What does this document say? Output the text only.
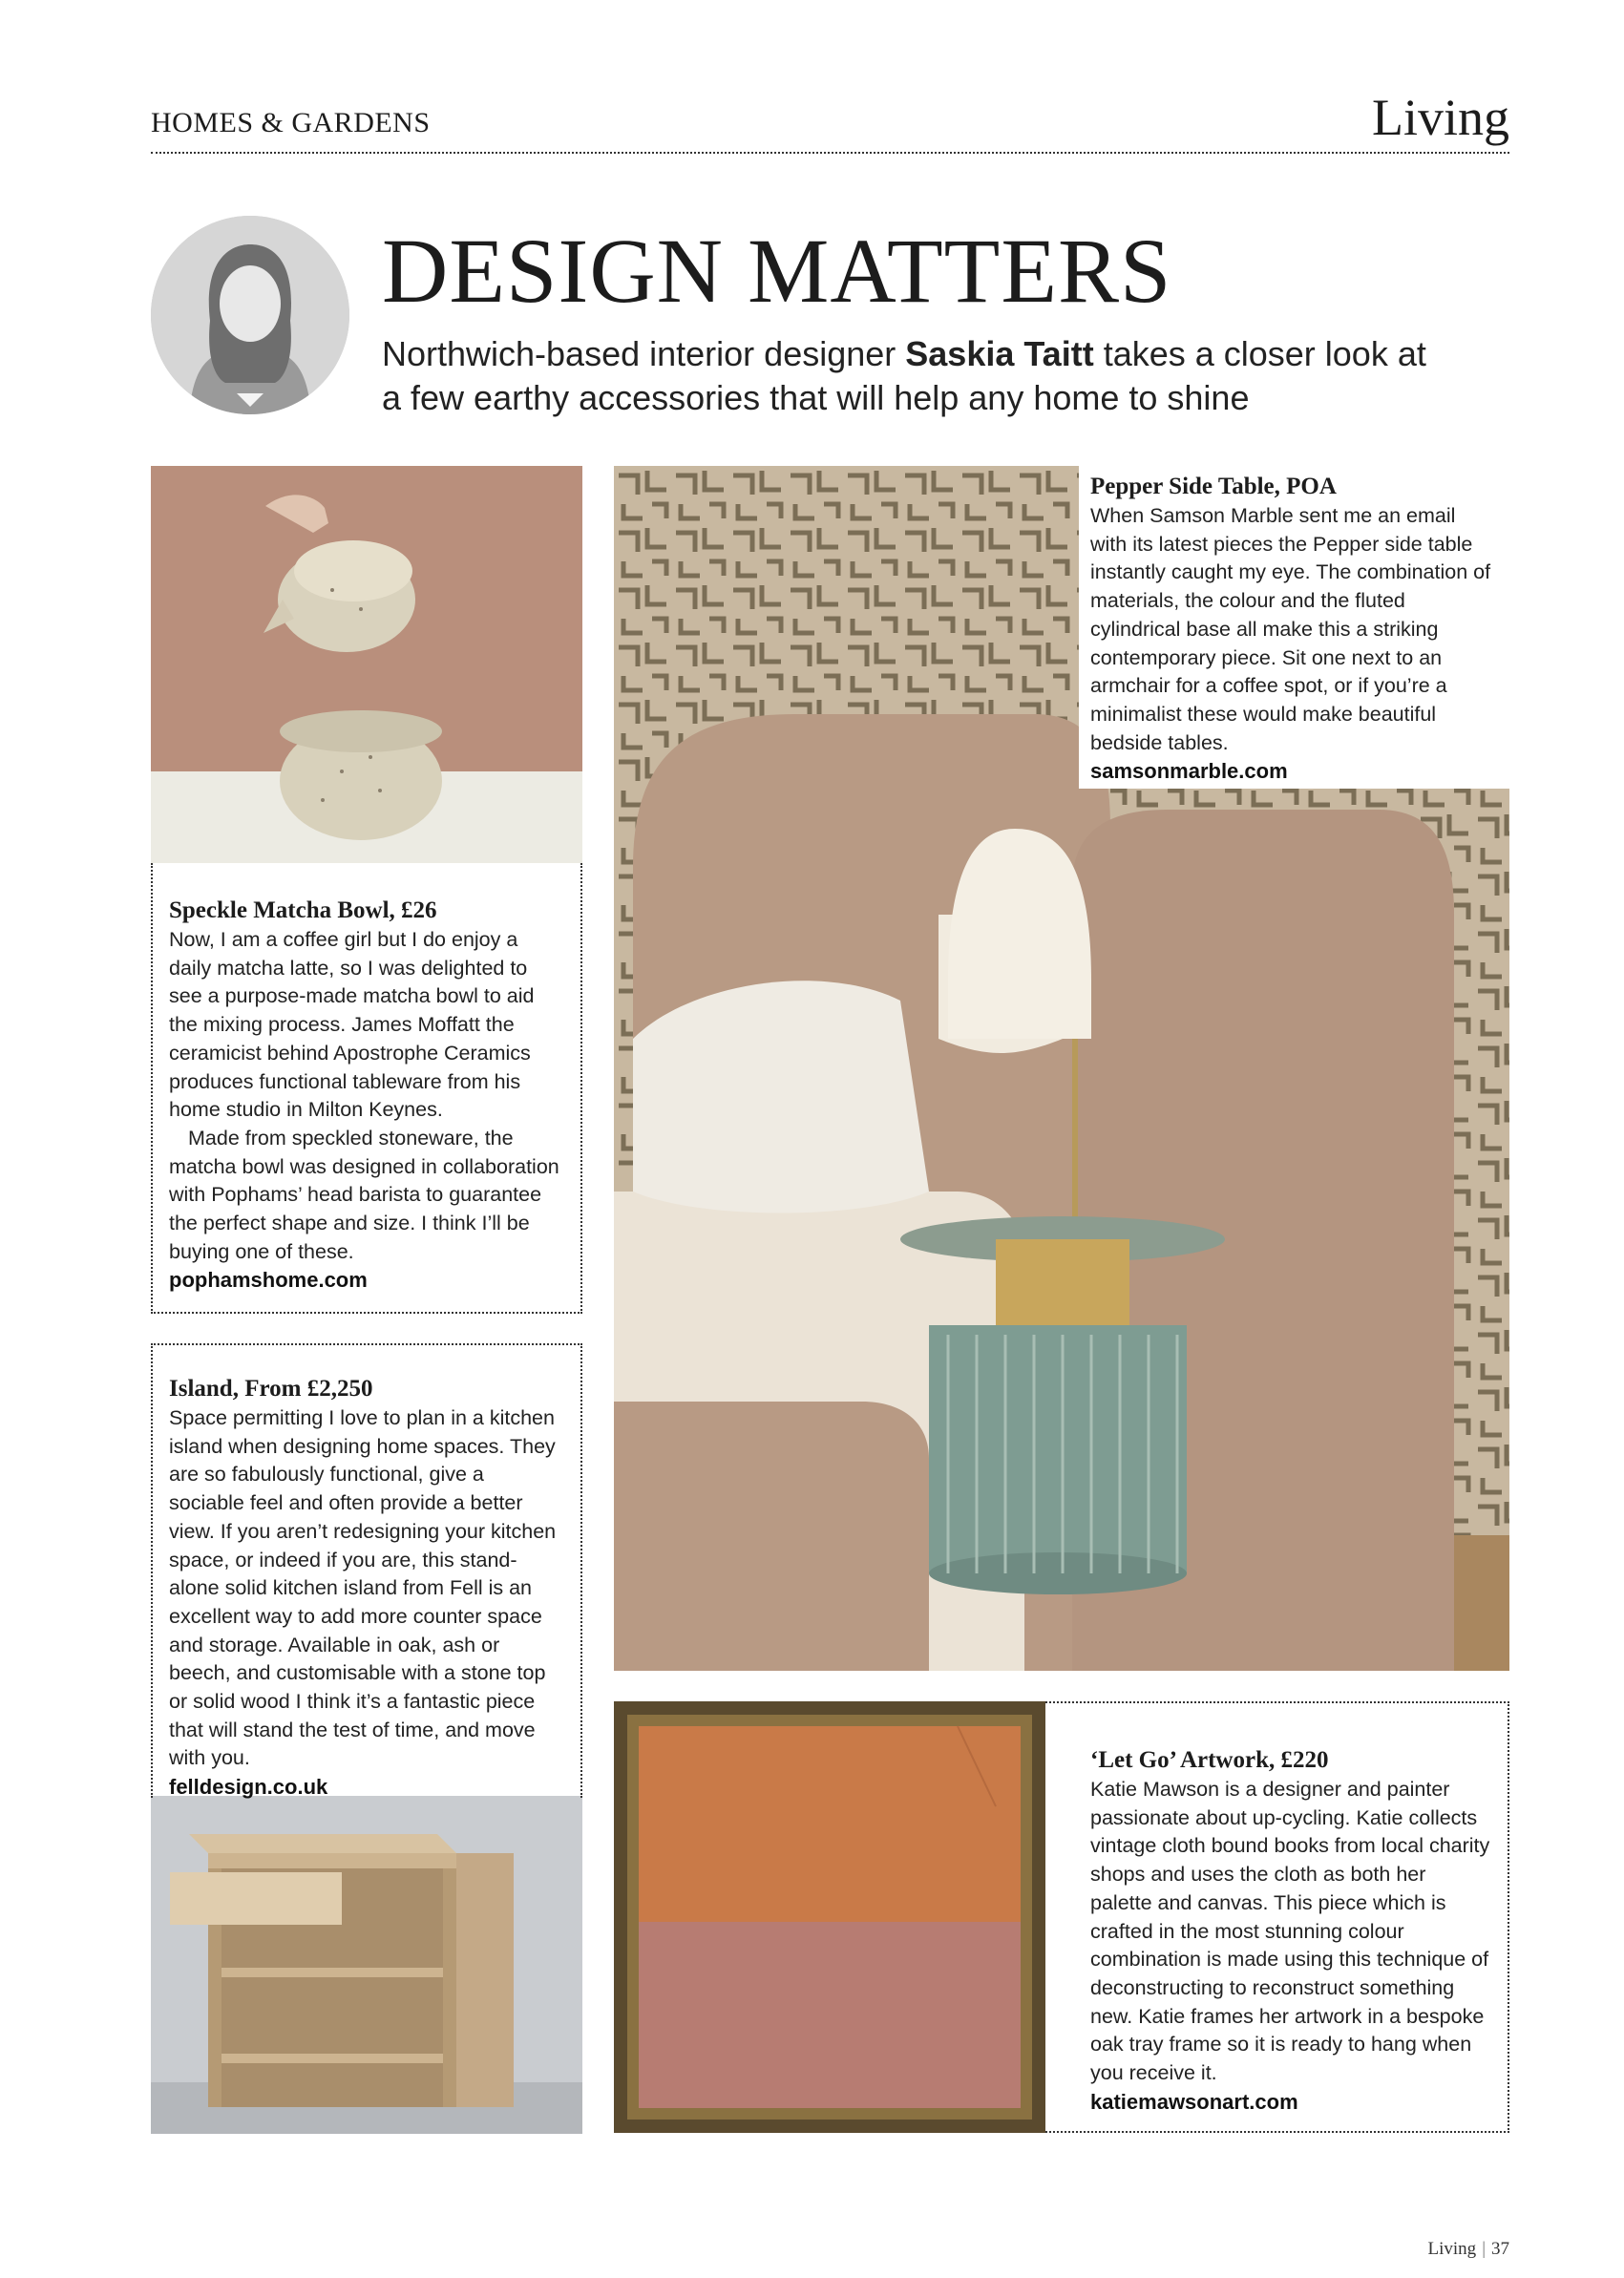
HOMES & GARDENS	Living
DESIGN MATTERS
Northwich-based interior designer Saskia Taitt takes a closer look at a few earthy accessories that will help any home to shine
Speckle Matcha Bowl, £26

Now, I am a coffee girl but I do enjoy a daily matcha latte, so I was delighted to see a purpose-made matcha bowl to aid the mixing process. James Moffatt the ceramicist behind Apostrophe Ceramics produces functional tableware from his home studio in Milton Keynes.

Made from speckled stoneware, the matcha bowl was designed in collaboration with Pophams’ head barista to guarantee the perfect shape and size. I think I’ll be buying one of these.

pophamshome.com
Island, From £2,250

Space permitting I love to plan in a kitchen island when designing home spaces. They are so fabulously functional, give a sociable feel and often provide a better view. If you aren’t redesigning your kitchen space, or indeed if you are, this stand-alone solid kitchen island from Fell is an excellent way to add more counter space and storage. Available in oak, ash or beech, and customisable with a stone top or solid wood I think it’s a fantastic piece that will stand the test of time, and move with you.

felldesign.co.uk
Pepper Side Table, POA

When Samson Marble sent me an email with its latest pieces the Pepper side table instantly caught my eye. The combination of materials, the colour and the fluted cylindrical base all make this a striking contemporary piece. Sit one next to an armchair for a coffee spot, or if you’re a minimalist these would make beautiful bedside tables.

samsonmarble.com
‘Let Go’ Artwork, £220

Katie Mawson is a designer and painter passionate about up-cycling. Katie collects vintage cloth bound books from local charity shops and uses the cloth as both her palette and canvas. This piece which is crafted in the most stunning colour combination is made using this technique of deconstructing to reconstruct something new. Katie frames her artwork in a bespoke oak tray frame so it is ready to hang when you receive it.

katiemawsonart.com
Living | 37
